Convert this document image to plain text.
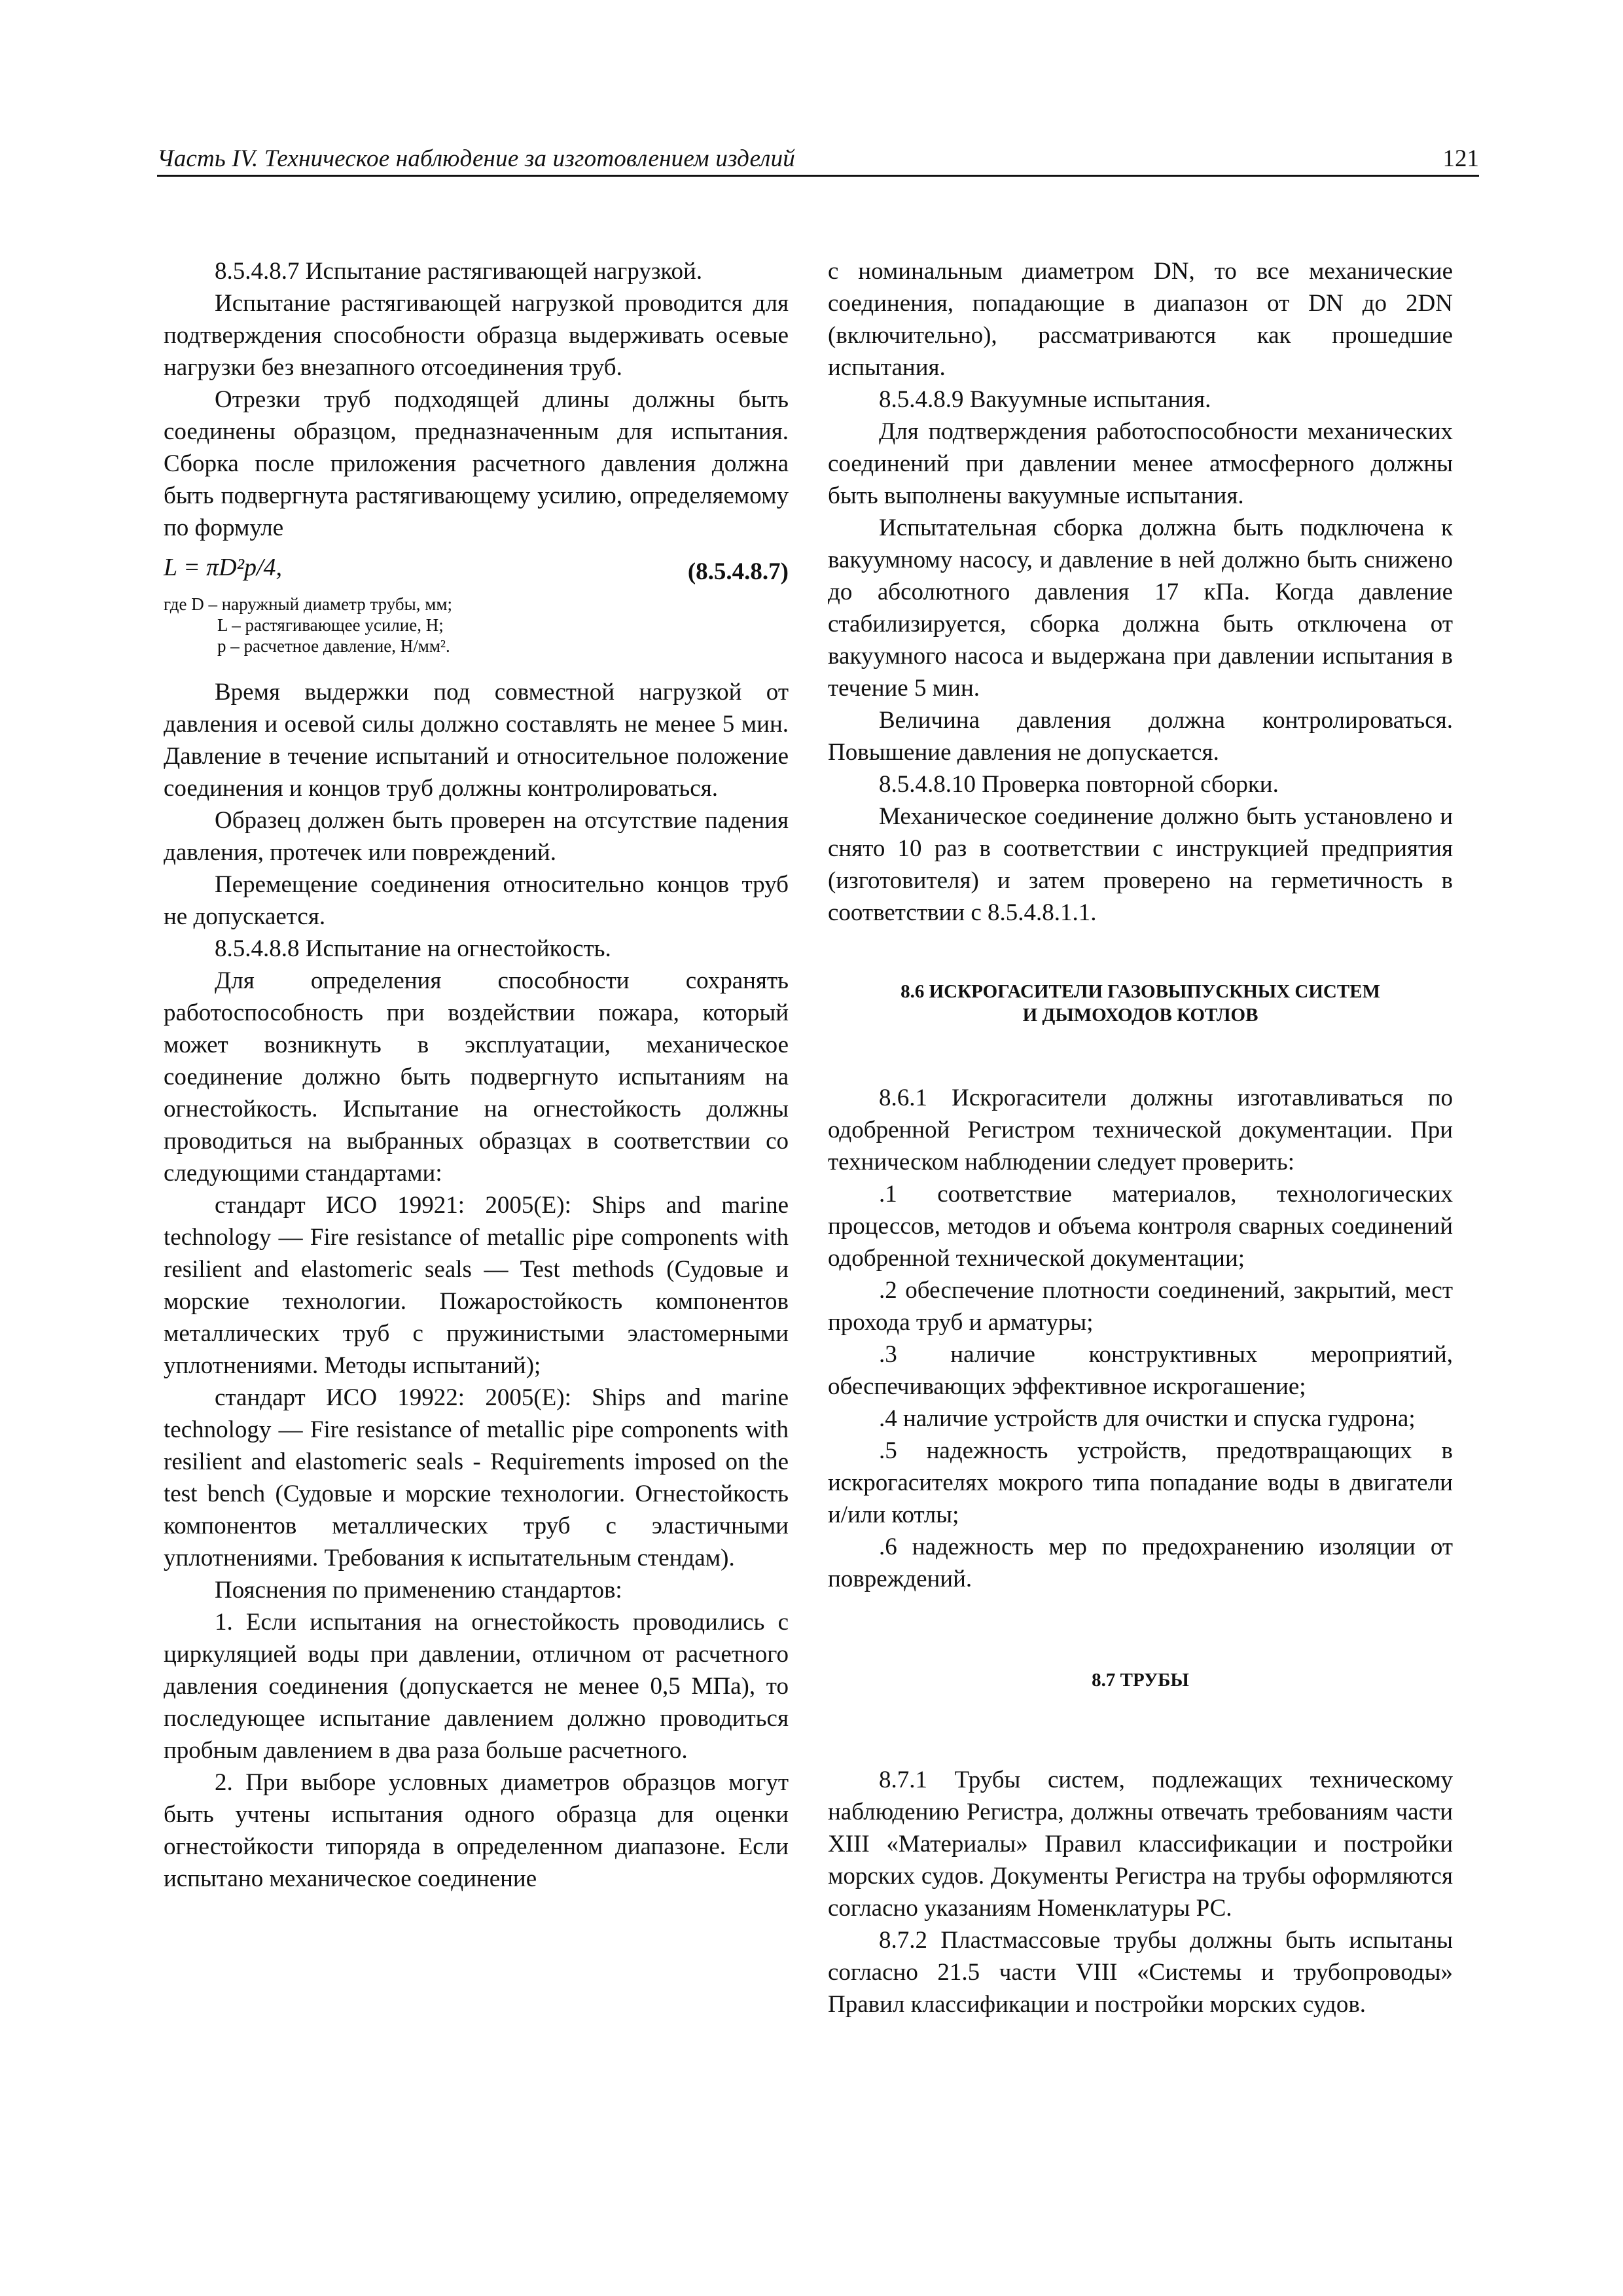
Часть IV. Техническое наблюдение за изготовлением изделий	121

8.5.4.8.7 Испытание растягивающей нагрузкой.

Испытание растягивающей нагрузкой проводится для подтверждения способности образца выдерживать осевые нагрузки без внезапного отсоединения труб.

Отрезки труб подходящей длины должны быть соединены образцом, предназначенным для испытания. Сборка после приложения расчетного давления должна быть подвергнута растягивающему усилию, определяемому по формуле

L = πD²p/4,	(8.5.4.8.7)
где D – наружный диаметр трубы, мм;
L – растягивающее усилие, Н;
p – расчетное давление, Н/мм².

Время выдержки под совместной нагрузкой от давления и осевой силы должно составлять не менее 5 мин. Давление в течение испытаний и относительное положение соединения и концов труб должны контролироваться.

Образец должен быть проверен на отсутствие падения давления, протечек или повреждений.

Перемещение соединения относительно концов труб не допускается.

8.5.4.8.8 Испытание на огнестойкость.

Для определения способности сохранять работоспособность при воздействии пожара, который может возникнуть в эксплуатации, механическое соединение должно быть подвергнуто испытаниям на огнестойкость. Испытание на огнестойкость должны проводиться на выбранных образцах в соответствии со следующими стандартами:

стандарт ИСО 19921: 2005(E): Ships and marine technology — Fire resistance of metallic pipe components with resilient and elastomeric seals — Test methods (Судовые и морские технологии. Пожаростойкость компонентов металлических труб с пружинистыми эластомерными уплотнениями. Методы испытаний);

стандарт ИСО 19922: 2005(E): Ships and marine technology — Fire resistance of metallic pipe components with resilient and elastomeric seals - Requirements imposed on the test bench (Судовые и морские технологии. Огнестойкость компонентов металлических труб с эластичными уплотнениями. Требования к испытательным стендам).

Пояснения по применению стандартов:

1. Если испытания на огнестойкость проводились с циркуляцией воды при давлении, отличном от расчетного давления соединения (допускается не менее 0,5 МПа), то последующее испытание давлением должно проводиться пробным давлением в два раза больше расчетного.

2. При выборе условных диаметров образцов могут быть учтены испытания одного образца для оценки огнестойкости типоряда в определенном диапазоне. Если испытано механическое соединение

с номинальным диаметром DN, то все механические соединения, попадающие в диапазон от DN до 2DN (включительно), рассматриваются как прошедшие испытания.

8.5.4.8.9 Вакуумные испытания.

Для подтверждения работоспособности механических соединений при давлении менее атмосферного должны быть выполнены вакуумные испытания.

Испытательная сборка должна быть подключена к вакуумному насосу, и давление в ней должно быть снижено до абсолютного давления 17 кПа. Когда давление стабилизируется, сборка должна быть отключена от вакуумного насоса и выдержана при давлении испытания в течение 5 мин.

Величина давления должна контролироваться. Повышение давления не допускается.

8.5.4.8.10 Проверка повторной сборки.

Механическое соединение должно быть установлено и снято 10 раз в соответствии с инструкцией предприятия (изготовителя) и затем проверено на герметичность в соответствии с 8.5.4.8.1.1.

8.6 ИСКРОГАСИТЕЛИ ГАЗОВЫПУСКНЫХ СИСТЕМ
И ДЫМОХОДОВ КОТЛОВ

8.6.1 Искрогасители должны изготавливаться по одобренной Регистром технической документации. При техническом наблюдении следует проверить:

.1 соответствие материалов, технологических процессов, методов и объема контроля сварных соединений одобренной технической документации;

.2 обеспечение плотности соединений, закрытий, мест прохода труб и арматуры;

.3 наличие конструктивных мероприятий, обеспечивающих эффективное искрогашение;

.4 наличие устройств для очистки и спуска гудрона;

.5 надежность устройств, предотвращающих в искрогасителях мокрого типа попадание воды в двигатели и/или котлы;

.6 надежность мер по предохранению изоляции от повреждений.

8.7 ТРУБЫ

8.7.1 Трубы систем, подлежащих техническому наблюдению Регистра, должны отвечать требованиям части XIII «Материалы» Правил классификации и постройки морских судов. Документы Регистра на трубы оформляются согласно указаниям Номенклатуры РС.

8.7.2 Пластмассовые трубы должны быть испытаны согласно 21.5 части VIII «Системы и трубопроводы» Правил классификации и постройки морских судов.
